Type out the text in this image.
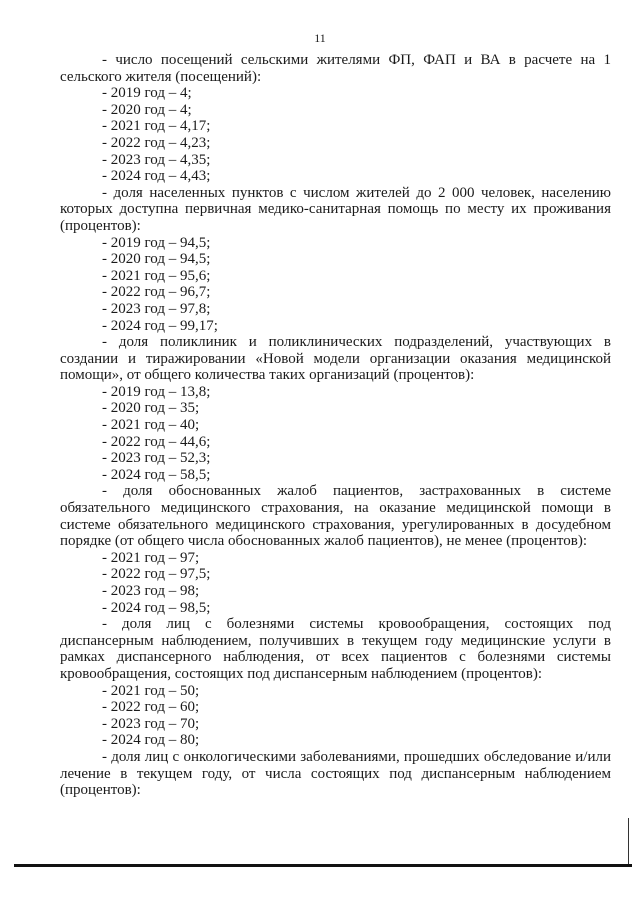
11

- число посещений сельскими жителями ФП, ФАП и ВА в расчете на 1 сельского жителя (посещений):

- 2019 год – 4;

- 2020 год – 4;

- 2021 год – 4,17;

- 2022 год – 4,23;

- 2023 год – 4,35;

- 2024 год – 4,43;

- доля населенных пунктов с числом жителей до 2 000 человек, населению которых доступна первичная медико-санитарная помощь по месту их проживания (процентов):

- 2019 год – 94,5;

- 2020 год – 94,5;

- 2021 год – 95,6;

- 2022 год – 96,7;

- 2023 год – 97,8;

- 2024 год – 99,17;

- доля поликлиник и поликлинических подразделений, участвующих в создании и тиражировании «Новой модели организации оказания медицинской помощи», от общего количества таких организаций (процентов):

- 2019 год – 13,8;

- 2020 год – 35;

- 2021 год – 40;

- 2022 год – 44,6;

- 2023 год – 52,3;

- 2024 год – 58,5;

- доля обоснованных жалоб пациентов, застрахованных в системе обязательного медицинского страхования, на оказание медицинской помощи в системе обязательного медицинского страхования, урегулированных в досудебном порядке (от общего числа обоснованных жалоб пациентов), не менее (процентов):

- 2021 год – 97;

- 2022 год – 97,5;

- 2023 год – 98;

- 2024 год – 98,5;

- доля лиц с болезнями системы кровообращения, состоящих под диспансерным наблюдением, получивших в текущем году медицинские услуги в рамках диспансерного наблюдения, от всех пациентов с болезнями системы кровообращения, состоящих под диспансерным наблюдением (процентов):

- 2021 год – 50;

- 2022 год – 60;

- 2023 год – 70;

- 2024 год – 80;

- доля лиц с онкологическими заболеваниями, прошедших обследование и/или лечение в текущем году, от числа состоящих под диспансерным наблюдением (процентов):
